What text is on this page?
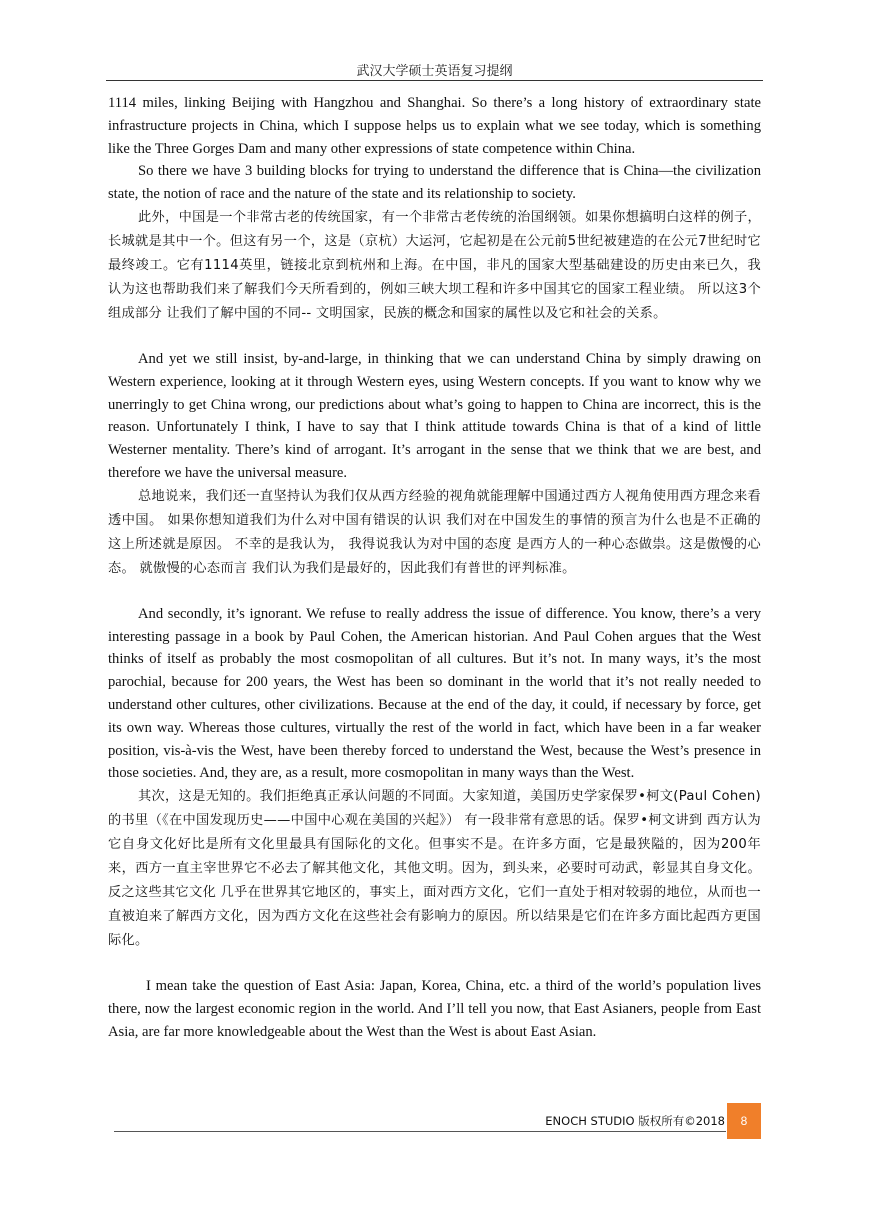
武汉大学硕士英语复习提纲

1114 miles, linking Beijing with Hangzhou and Shanghai. So there’s a long history of extraordinary state infrastructure projects in China, which I suppose helps us to explain what we see today, which is something like the Three Gorges Dam and many other expressions of state competence within China.

So there we have 3 building blocks for trying to understand the difference that is China—the civilization state, the notion of race and the nature of the state and its relationship to society.

此外，中国是一个非常古老的传统国家，有一个非常古老传统的治国纲领。如果你想搞明白这样的例子，长城就是其中一个。但这有另一个，这是（京杭）大运河，它起初是在公元前5世纪被建造的在公元7世纪时它最终竣工。它有1114英里，链接北京到杭州和上海。在中国，非凡的国家大型基础建设的历史由来已久，我认为这也帮助我们来了解我们今天所看到的，例如三峡大坝工程和许多中国其它的国家工程业绩。 所以这3个组成部分 让我们了解中国的不同-- 文明国家，民族的概念和国家的属性以及它和社会的关系。

And yet we still insist, by-and-large, in thinking that we can understand China by simply drawing on Western experience, looking at it through Western eyes, using Western concepts. If you want to know why we unerringly to get China wrong, our predictions about what’s going to happen to China are incorrect, this is the reason. Unfortunately I think, I have to say that I think attitude towards China is that of a kind of little Westerner mentality. There’s kind of arrogant. It’s arrogant in the sense that we think that we are best, and therefore we have the universal measure.

总地说来，我们还一直坚持认为我们仅从西方经验的视角就能理解中国通过西方人视角使用西方理念来看透中国。 如果你想知道我们为什么对中国有错误的认识 我们对在中国发生的事情的预言为什么也是不正确的这上所述就是原因。 不幸的是我认为， 我得说我认为对中国的态度 是西方人的一种心态做祟。这是傲慢的心态。 就傲慢的心态而言 我们认为我们是最好的，因此我们有普世的评判标准。

And secondly, it’s ignorant. We refuse to really address the issue of difference. You know, there’s a very interesting passage in a book by Paul Cohen, the American historian. And Paul Cohen argues that the West thinks of itself as probably the most cosmopolitan of all cultures. But it’s not. In many ways, it’s the most parochial, because for 200 years, the West has been so dominant in the world that it’s not really needed to understand other cultures, other civilizations. Because at the end of the day, it could, if necessary by force, get its own way. Whereas those cultures, virtually the rest of the world in fact, which have been in a far weaker position, vis-à-vis the West, have been thereby forced to understand the West, because the West’s presence in those societies. And, they are, as a result, more cosmopolitan in many ways than the West.

其次，这是无知的。我们拒绝真正承认问题的不同面。大家知道，美国历史学家保罗•柯文(Paul Cohen)的书里（《在中国发现历史——中国中心观在美国的兴起》） 有一段非常有意思的话。保罗•柯文讲到 西方认为它自身文化好比是所有文化里最具有国际化的文化。但事实不是。在许多方面，它是最狭隘的，因为200年来，西方一直主宰世界它不必去了解其他文化，其他文明。因为，到头来，必要时可动武，彰显其自身文化。反之这些其它文化 几乎在世界其它地区的，事实上，面对西方文化，它们一直处于相对较弱的地位，从而也一直被迫来了解西方文化，因为西方文化在这些社会有影响力的原因。所以结果是它们在许多方面比起西方更国际化。

I mean take the question of East Asia: Japan, Korea, China, etc. a third of the world’s population lives there, now the largest economic region in the world. And I’ll tell you now, that East Asianers, people from East Asia, are far more knowledgeable about the West than the West is about East Asian.

ENOCH STUDIO 版权所有©2018	8
